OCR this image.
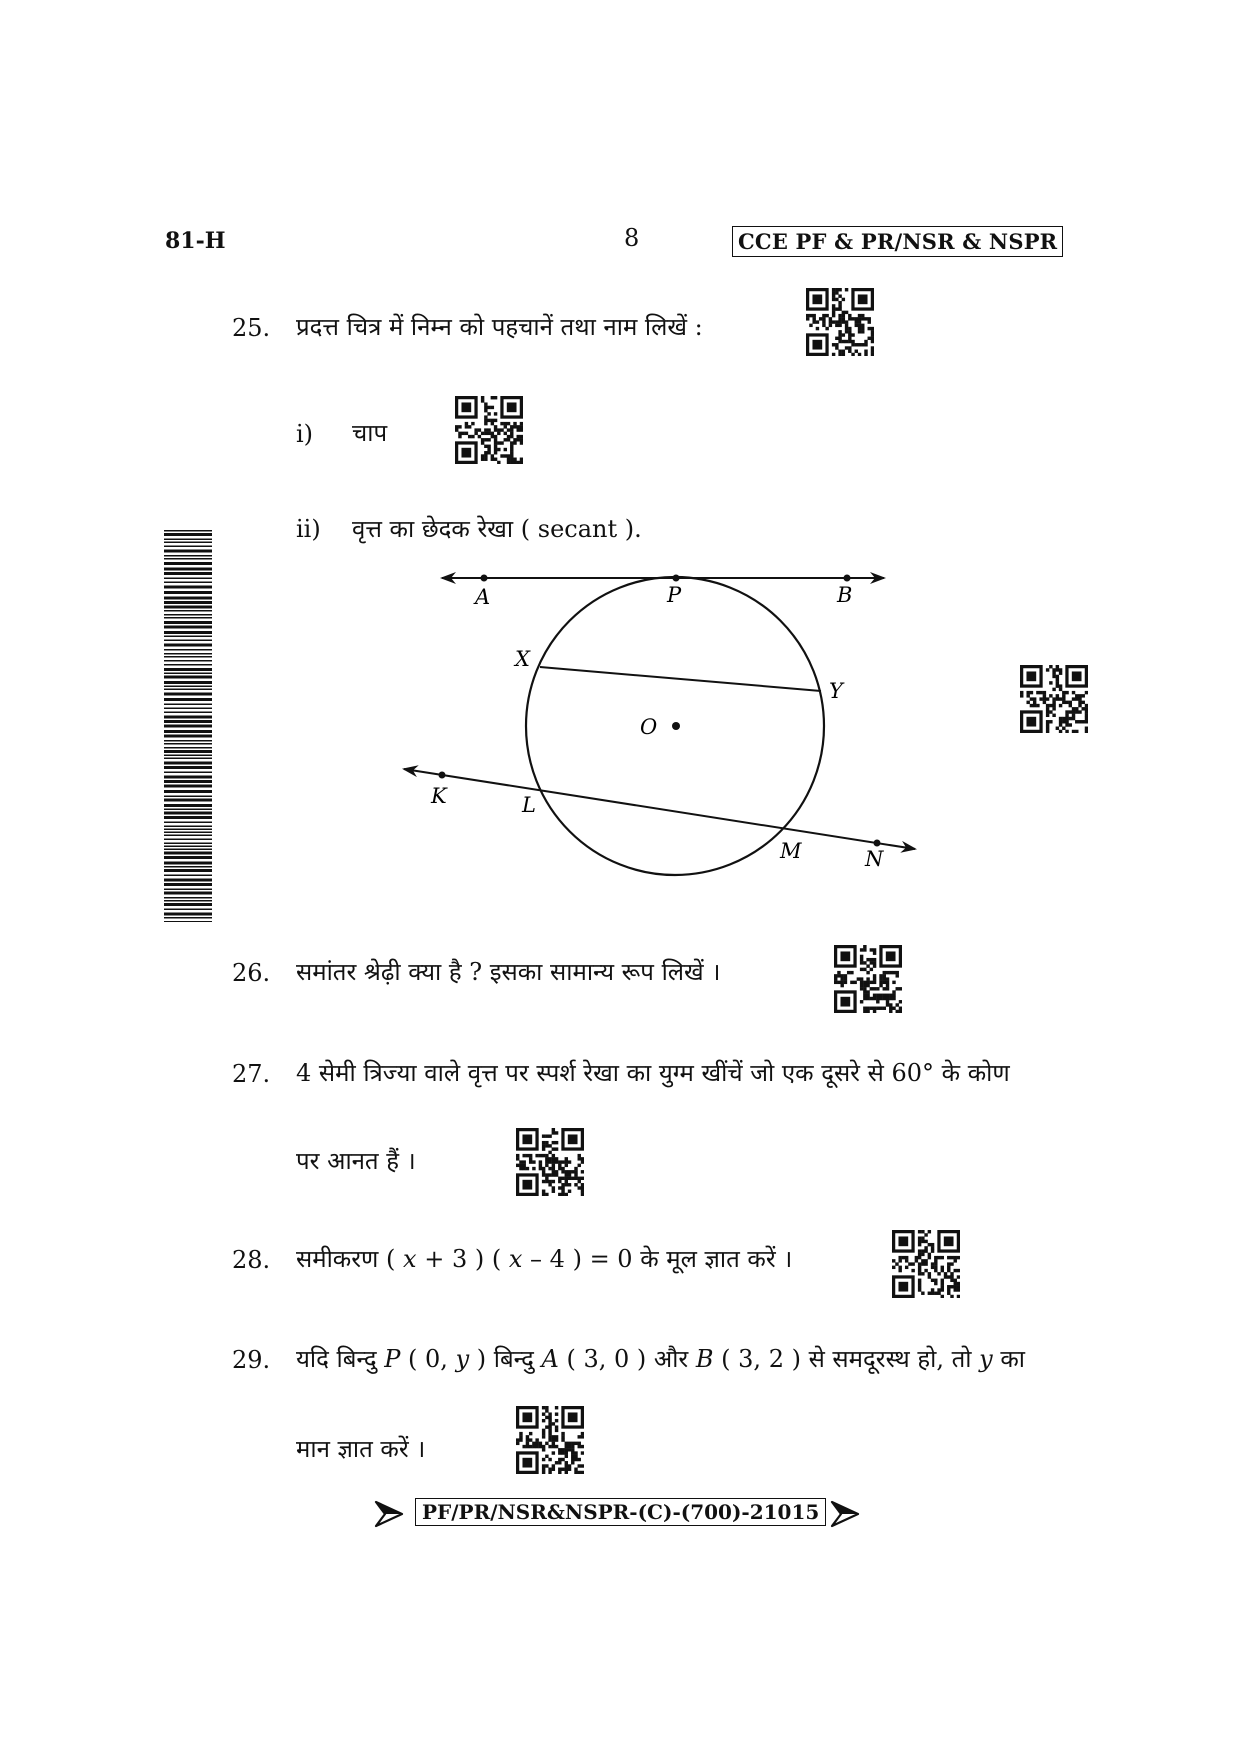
81-H	8	CCE PF & PR/NSR & NSPR
25. प्रदत्त चित्र में निम्न को पहचानें तथा नाम लिखें :
i) चाप
ii) वृत्त का छेदक रेखा ( secant ).
A	P	B
X
Y
O
K	L
M	N
26. समांतर श्रेढ़ी क्या है ? इसका सामान्य रूप लिखें ।
27. 4 सेमी त्रिज्या वाले वृत्त पर स्पर्श रेखा का युग्म खींचें जो एक दूसरे से 60° के कोण
पर आनत हैं ।
28. समीकरण ( x + 3 ) ( x – 4 ) = 0 के मूल ज्ञात करें ।
29. यदि बिन्दु P ( 0, y ) बिन्दु A ( 3, 0 ) और B ( 3, 2 ) से समदूरस्थ हो, तो y का
मान ज्ञात करें ।
PF/PR/NSR&NSPR-(C)-(700)-21015
